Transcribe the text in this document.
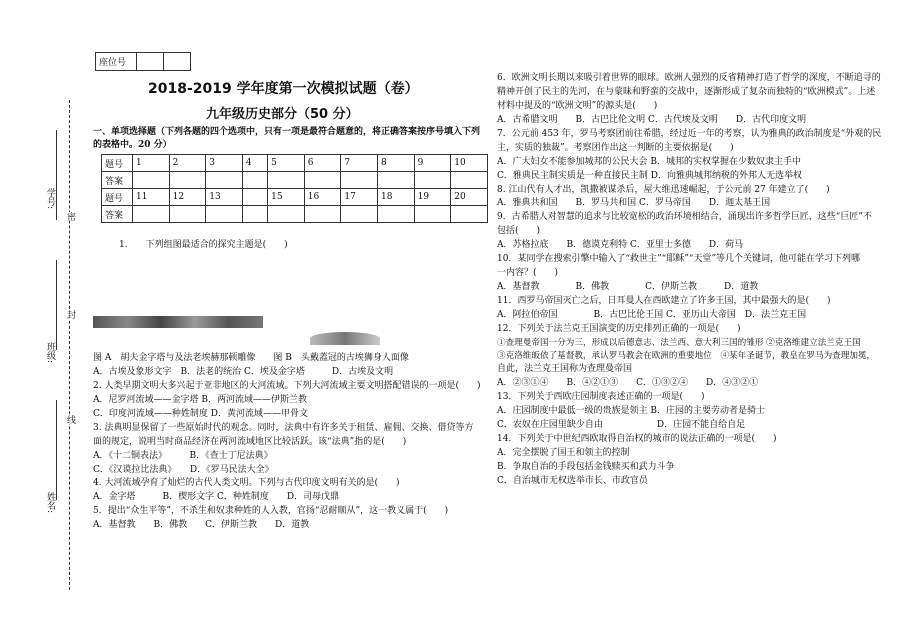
学号:
密
班级:
封
线
姓名:
座位号		
2018-2019 学年度第一次模拟试题（卷）
九年级历史部分（50 分）
一、单项选择题（下列各题的四个选项中，只有一项是最符合题意的，将正确答案按序号填入下列
的表格中。20 分）
题号	1	2	3	4	5	6	7	8	9	10
答案										
题号	11	12	13		15	16	17	18	19	20
答案										
1.　　下列组图最适合的探究主题是(　　)
图 A　胡夫金字塔与及法老埃赫那顿雕像　　图 B　头戴蓋冠的古埃狮身人面像
A．古埃及象形文字　B．法老的统治 C．埃及金字塔　　　D．古埃及文明
2. 人类早期文明大多兴起于亚非地区的大河流域。下列大河流域主要文明搭配错误的一项是(　　)
A．尼罗河流域——金字塔 B．两河流域——伊斯兰教
C．印度河流域——种姓制度 D．黄河流域——甲骨文
3. 法典明显保留了一些原始时代的观念。同时，法典中有许多关于租赁、雇佣、交换、借贷等方
面的规定，说明当时商品经济在两河流域地区比较活跃。该“法典”指的是(　　)
A．《十二铜表法》　　　B．《查士丁尼法典》
C．《汉谟拉比法典》　　D．《罗马民法大全》
4. 大河流域孕育了灿烂的古代人类文明。下列与古代印度文明有关的是(　　)
A．金字塔　　　B．楔形文字 C．种姓制度　　D．司母戊鼎
5．提出“众生平等”，不杀生和奴隶种姓的人入教，官扬“忍耐顺从”，这一教义属于(　　)
A．基督教　　B．佛教　　C．伊斯兰教　　D．道教
6．欧洲文明长期以来吸引着世界的眼球。欧洲人强烈的反省精神打造了哲学的深度，不断追寻的
精神开创了民主的先河，在与蒙昧和野蛮的交战中，逐渐形成了复杂而独特的“欧洲模式”。上述
材料中提及的“欧洲文明”的源头是(　　)
A．古希腊文明　　B．古巴比伦文明 C．古代埃及文明　　D．古代印度文明
7．公元前 453 年，罗马考察团前往希腊，经过近一年的考察，认为雅典的政治制度是“外观的民
主，实质的独裁”。考察团作出这一判断的主要依据是(　　)
A．广大妇女不能参加城邦的公民大会 B．城邦的实权掌握在少数奴隶主手中
C．雅典民主制实质是一种直接民主制 D．向雅典城邦纳税的外邦人无选举权
8. 江山代有人才出，凯撒被谋杀后，屋大维迅速崛起，于公元前 27 年建立了(　　)
A．雅典共和国　　B．罗马共和国 C．罗马帝国　　D．迦太基王国
9．古希腊人对智慧的追求与比较宽松的政治环境相结合，涌现出许多哲学巨匠，这些“巨匠”不
包括(　　)
A．苏格拉底　　B．德谟克利特 C．亚里士多德　　D．荷马
10．某同学在搜索引擎中输入了“救世主”“耶稣”“天堂”等几个关键词，他可能在学习下列哪
一内容？(　　)
A．基督教　　　　B．佛教　　　　C．伊斯兰教　　　D．道教
11．西罗马帝国灭亡之后，日耳曼人在西欧建立了许多王国，其中最强大的是(　　)
A．阿拉伯帝国　　　　B．古巴比伦王国 C．亚历山大帝国　D．法兰克王国
12．下列关于法兰克王国演变的历史排列正确的一项是(　　)
①查理曼帝国一分为三，形成以后德意志、法兰西、意大利三国的雏形 ②克洛维建立法兰克王国
③克洛维皈依了基督教，承认罗马教会在欧洲的重要地位　④某年圣诞节，教皇在罗马为查理加冕，
自此，法兰克王国称为查理曼帝国
A．②③①④　　B．④②①③　　C．①③②④　　D．④③②①
13．下列关于西欧庄园制度表述正确的一项是(　　)
A．庄园制度中最低一级的贵族是领主 B．庄园的主要劳动者是骑士
C．农奴在庄园里缺少自由　　　　　　D．庄园不能自给自足
14．下列关于中世纪西欧取得自治权的城市的说法正确的一项是(　　)
A．完全摆脱了国王和领主的控制
B．争取自治的手段包括金钱赎买和武力斗争
C．自治城市无权选举市长、市政官员
